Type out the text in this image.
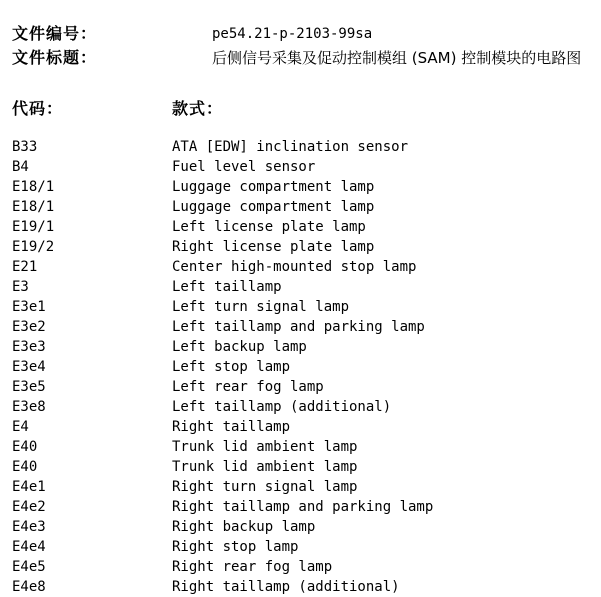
文件编号：	pe54.21-p-2103-99sa
文件标题：	后侧信号采集及促动控制模组 (SAM) 控制模块的电路图
代码：	款式：
B33	ATA [EDW] inclination sensor
B4	Fuel level sensor
E18/1	Luggage compartment lamp
E18/1	Luggage compartment lamp
E19/1	Left license plate lamp
E19/2	Right license plate lamp
E21	Center high-mounted stop lamp
E3	Left taillamp
E3e1	Left turn signal lamp
E3e2	Left taillamp and parking lamp
E3e3	Left backup lamp
E3e4	Left stop lamp
E3e5	Left rear fog lamp
E3e8	Left taillamp (additional)
E4	Right taillamp
E40	Trunk lid ambient lamp
E40	Trunk lid ambient lamp
E4e1	Right turn signal lamp
E4e2	Right taillamp and parking lamp
E4e3	Right backup lamp
E4e4	Right stop lamp
E4e5	Right rear fog lamp
E4e8	Right taillamp (additional)
